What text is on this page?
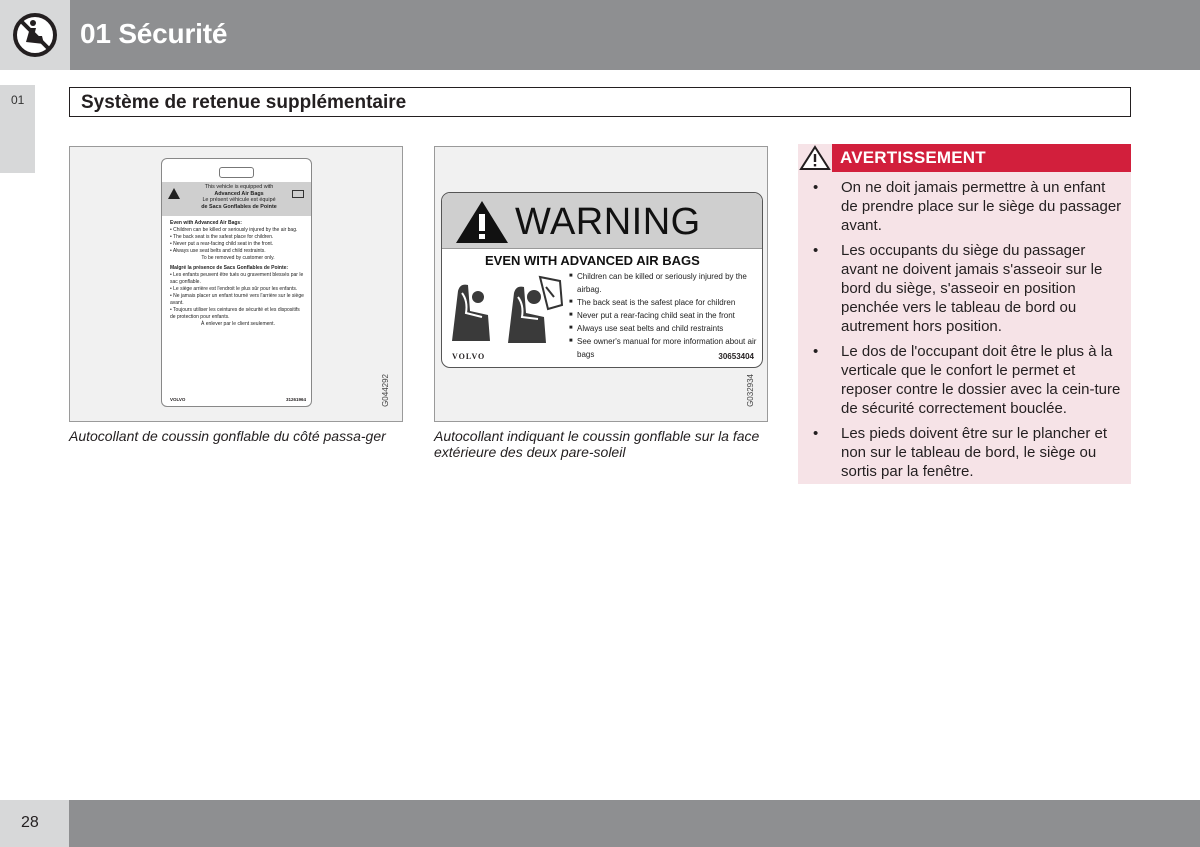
01 Sécurité
01	Système de retenue supplémentaire
This vehicle is equipped with
Advanced Air Bags
Le présent véhicule est équipé
de Sacs Gonflables de Pointe
Even with Advanced Air Bags:
• Children can be killed or seriously injured by the air bag.
• The back seat is the safest place for children.
• Never put a rear-facing child seat in the front.
• Always use seat belts and child restraints.
To be removed by customer only.
Malgré la présence de Sacs Gonflables de Pointe:
• Les enfants peuvent être tués ou gravement blessés par le sac gonflable.
• Le siège arrière est l'endroit le plus sûr pour les enfants.
• Ne jamais placer un enfant tourné vers l'arrière sur le siège avant.
• Toujours utiliser les ceintures de sécurité et les dispositifs de protection pour enfants.
À enlever par le client seulement.
VOLVO	31261964	G044292
WARNING
EVEN WITH ADVANCED AIR BAGS
■ Children can be killed or seriously injured by the airbag.
■ The back seat is the safest place for children
■ Never put a rear-facing child seat in the front
■ Always use seat belts and child restraints
■ See owner's manual for more information about air bags
VOLVO	30653404
G032934
Autocollant de coussin gonflable du côté passa-ger	Autocollant indiquant le coussin gonflable sur la face extérieure des deux pare-soleil
AVERTISSEMENT
• On ne doit jamais permettre à un enfant de prendre place sur le siège du passager avant.
• Les occupants du siège du passager avant ne doivent jamais s'asseoir sur le bord du siège, s'asseoir en position penchée vers le tableau de bord ou autrement hors position.
• Le dos de l'occupant doit être le plus à la verticale que le confort le permet et reposer contre le dossier avec la cein-ture de sécurité correctement bouclée.
• Les pieds doivent être sur le plancher et non sur le tableau de bord, le siège ou sortis par la fenêtre.
28
